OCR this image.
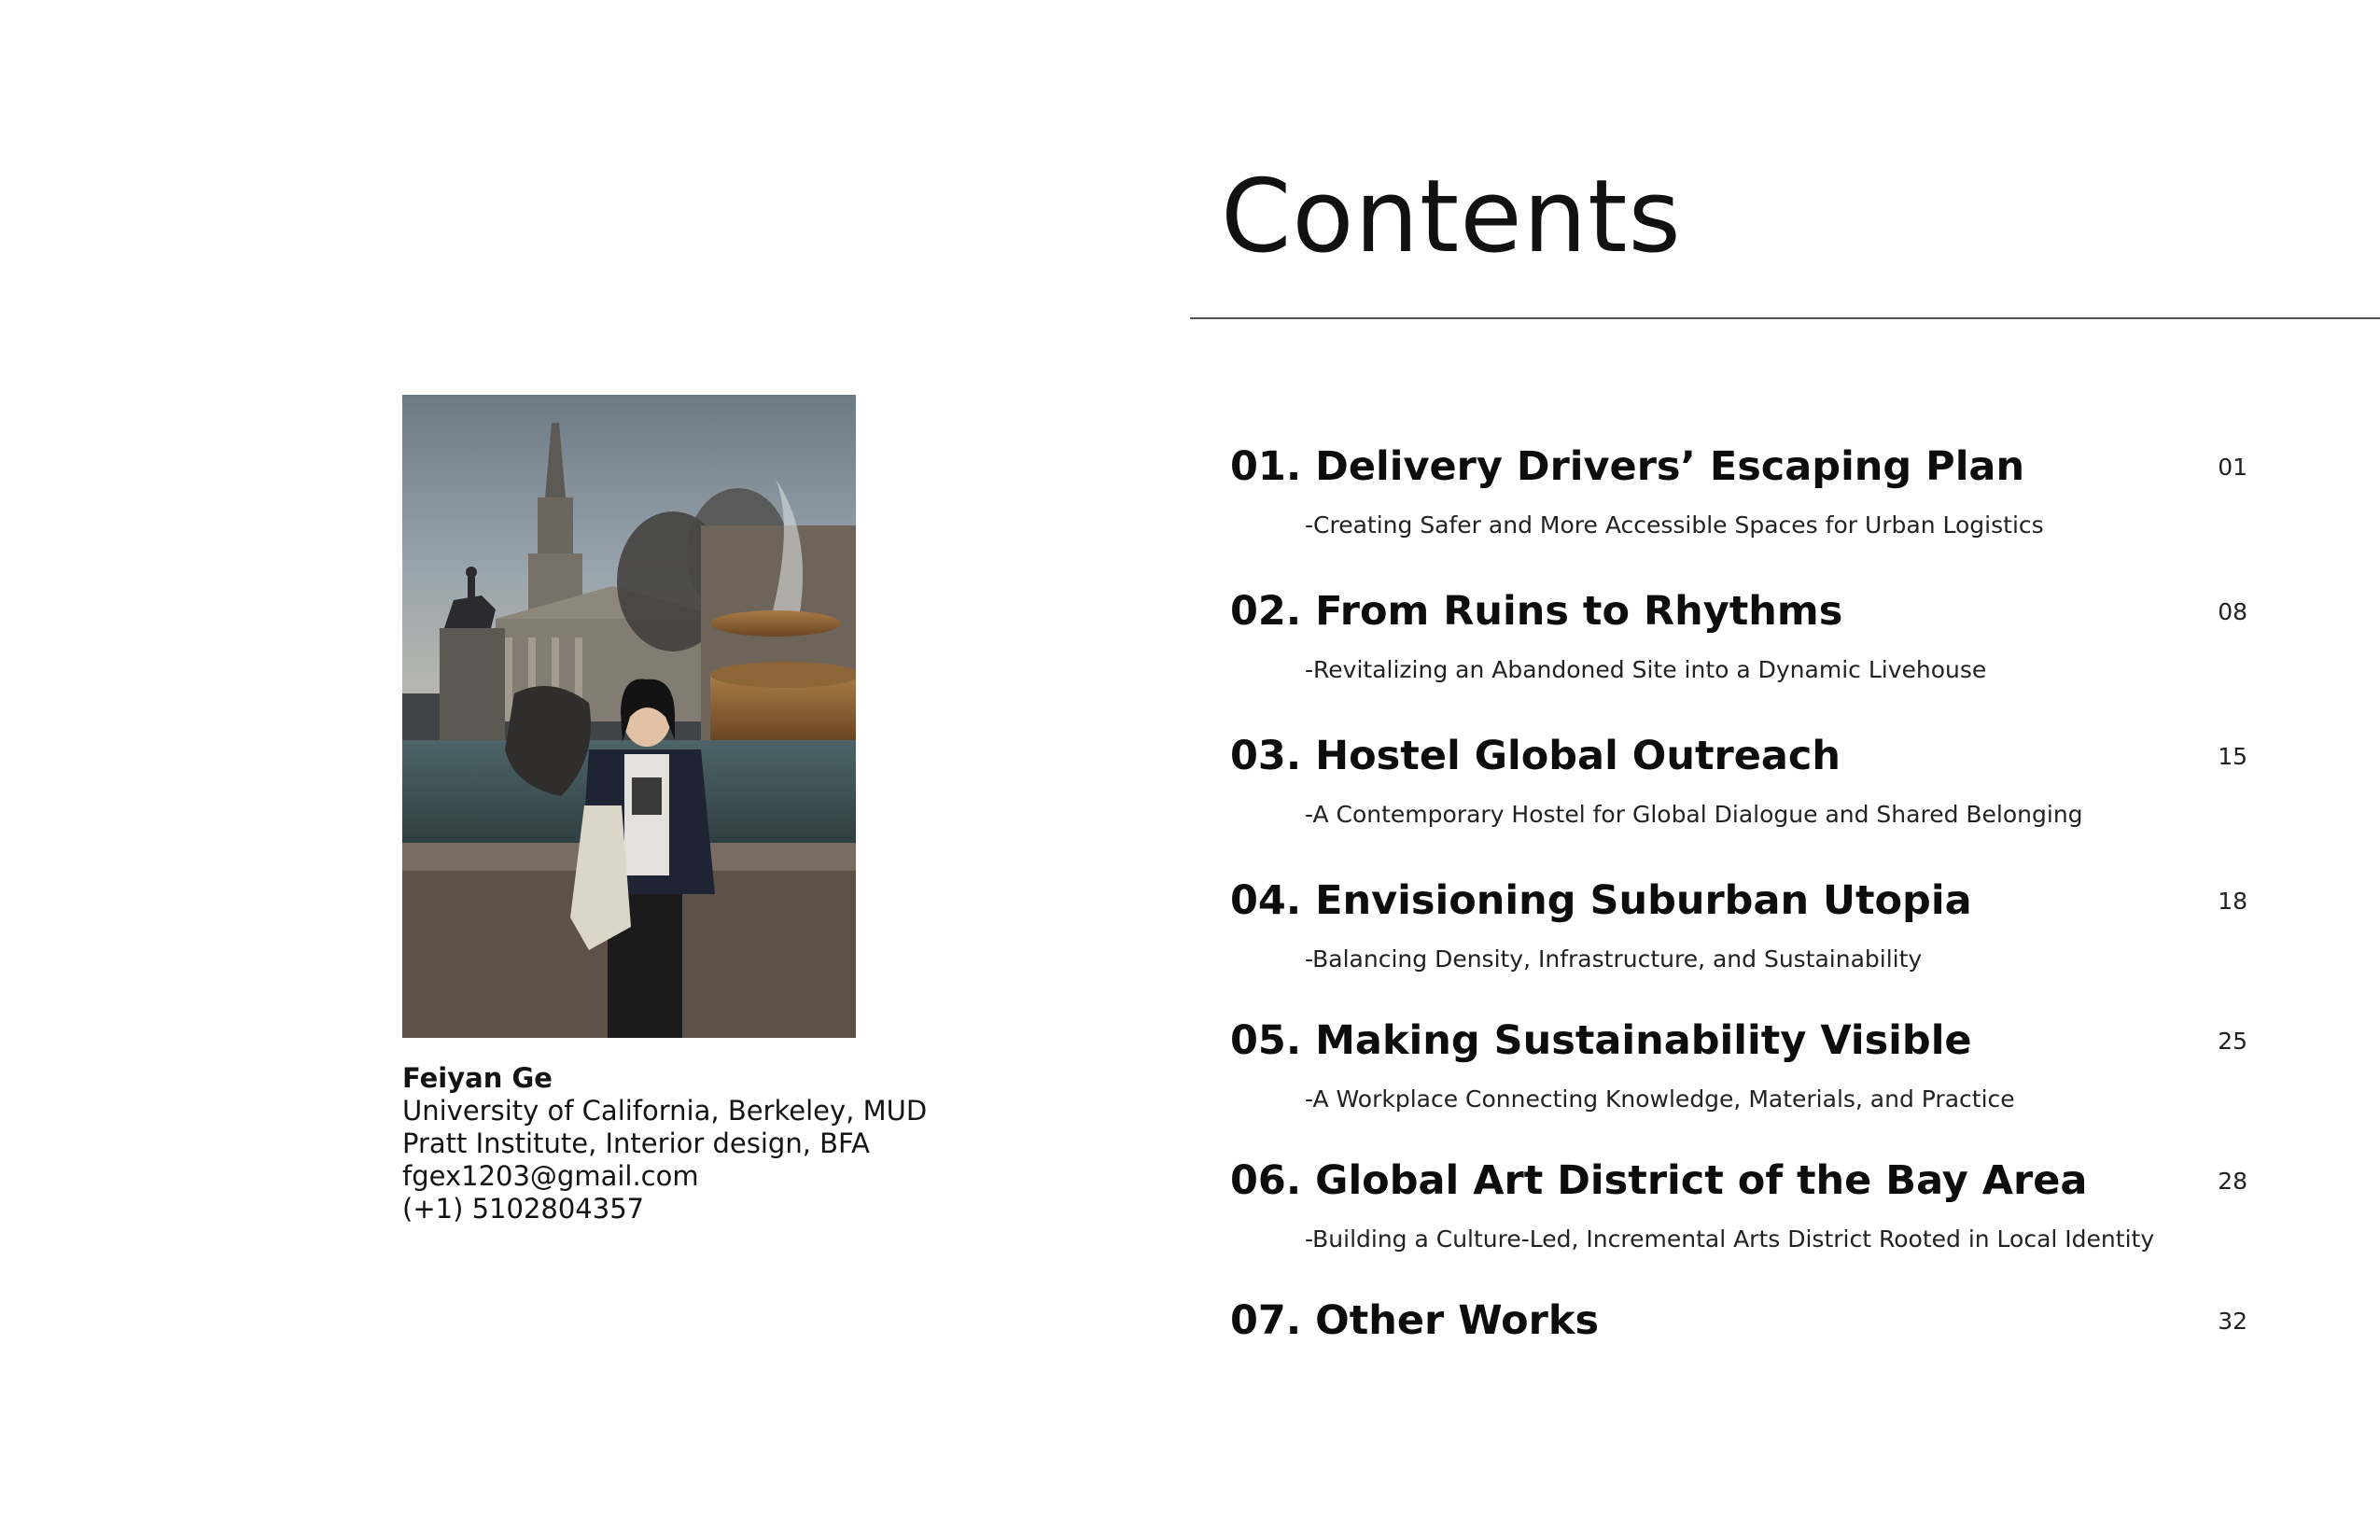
Feiyan Ge
University of California, Berkeley, MUD
Pratt Institute, Interior design, BFA
fgex1203@gmail.com
(+1) 5102804357
Contents
01. Delivery Drivers’ Escaping Plan
-Creating Safer and More Accessible Spaces for Urban Logistics
01
02. From Ruins to Rhythms
-Revitalizing an Abandoned Site into a Dynamic Livehouse
08
03. Hostel Global Outreach
-A Contemporary Hostel for Global Dialogue and Shared Belonging
15
04. Envisioning Suburban Utopia
-Balancing Density, Infrastructure, and Sustainability
18
05. Making Sustainability Visible
-A Workplace Connecting Knowledge, Materials, and Practice
25
06. Global Art District of the Bay Area
-Building a Culture-Led, Incremental Arts District Rooted in Local Identity
28
07. Other Works	32
